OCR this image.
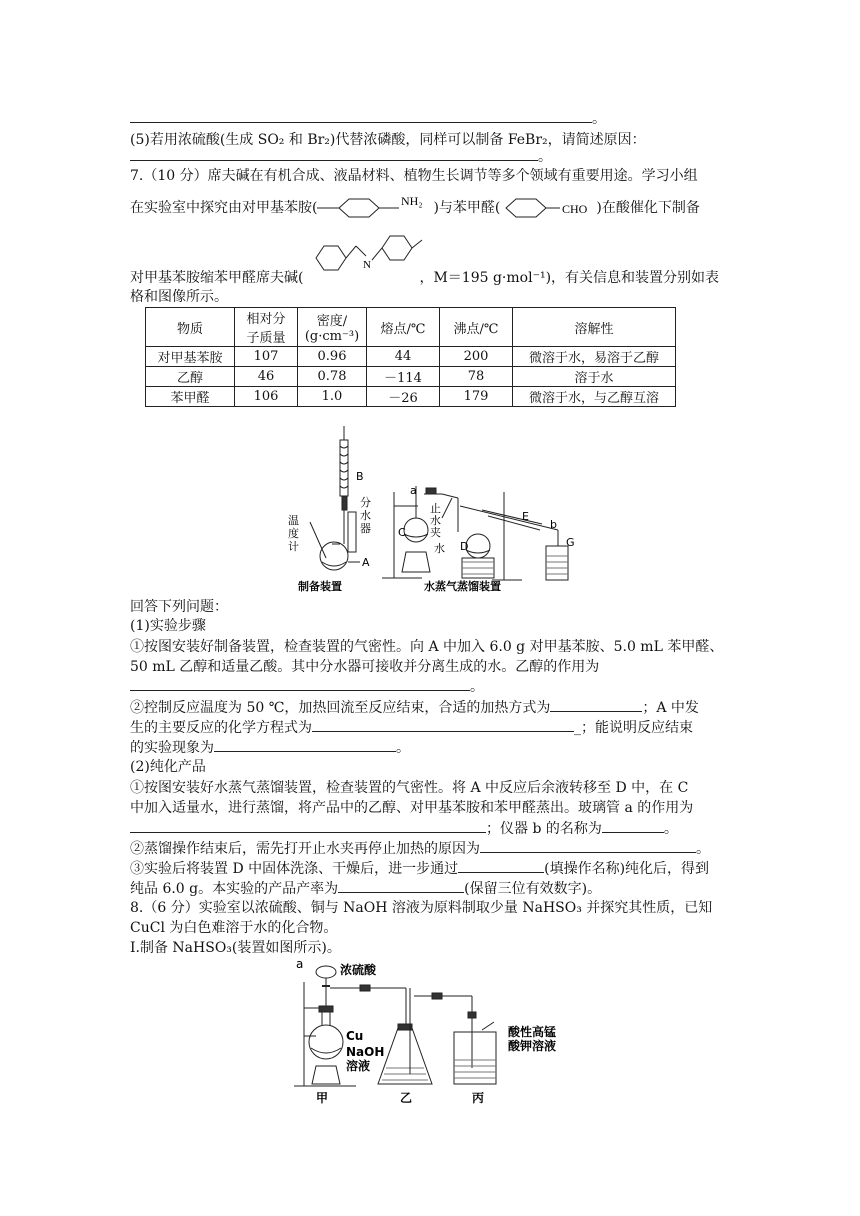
。
(5)若用浓硫酸(生成 SO₂ 和 Br₂)代替浓磷酸，同样可以制备 FeBr₂，请简述原因：
。
7.（10 分）席夫碱在有机合成、液晶材料、植物生长调节等多个领域有重要用途。学习小组
在实验室中探究由对甲基苯胺(	NH₂ )与苯甲醛(	CHO )在酸催化下制备
N
对甲基苯胺缩苯甲醛席夫碱(	，M＝195 g·mol⁻¹)，有关信息和装置分别如表
格和图像所示。
物质	相对分
子质量	密度/
(g·cm⁻³)	熔点/℃	沸点/℃	溶解性
对甲基苯胺	107	0.96	44	200	微溶于水，易溶于乙醇
乙醇	46	0.78	－114	78	溶于水
苯甲醛	106	1.0	－26	179	微溶于水，与乙醇互溶
B
分
水
器
温
度
计
A
制备装置
a
止
水
夹
C
水 D
E
b
G
水蒸气蒸馏装置
回答下列问题：
(1)实验步骤
①按图安装好制备装置，检查装置的气密性。向 A 中加入 6.0 g 对甲基苯胺、5.0 mL 苯甲醛、
50 mL 乙醇和适量乙酸。其中分水器可接收并分离生成的水。乙醇的作用为
。
②控制反应温度为 50 ℃，加热回流至反应结束，合适的加热方式为	；A 中发
生的主要反应的化学方程式为	_；能说明反应结束
的实验现象为	。
(2)纯化产品
①按图安装好水蒸气蒸馏装置，检查装置的气密性。将 A 中反应后余液转移至 D 中，在 C
中加入适量水，进行蒸馏，将产品中的乙醇、对甲基苯胺和苯甲醛蒸出。玻璃管 a 的作用为
；仪器 b 的名称为	。
②蒸馏操作结束后，需先打开止水夹再停止加热的原因为	。
③实验后将装置 D 中固体洗涤、干燥后，进一步通过	(填操作名称)纯化后，得到
纯品 6.0 g。本实验的产品产率为	(保留三位有效数字)。
8.（6 分）实验室以浓硫酸、铜与 NaOH 溶液为原料制取少量 NaHSO₃ 并探究其性质，已知
CuCl 为白色难溶于水的化合物。
Ⅰ.制备 NaHSO₃(装置如图所示)。
a	浓硫酸
Cu
NaOH
溶液
酸性高锰
酸钾溶液
甲	乙	丙
